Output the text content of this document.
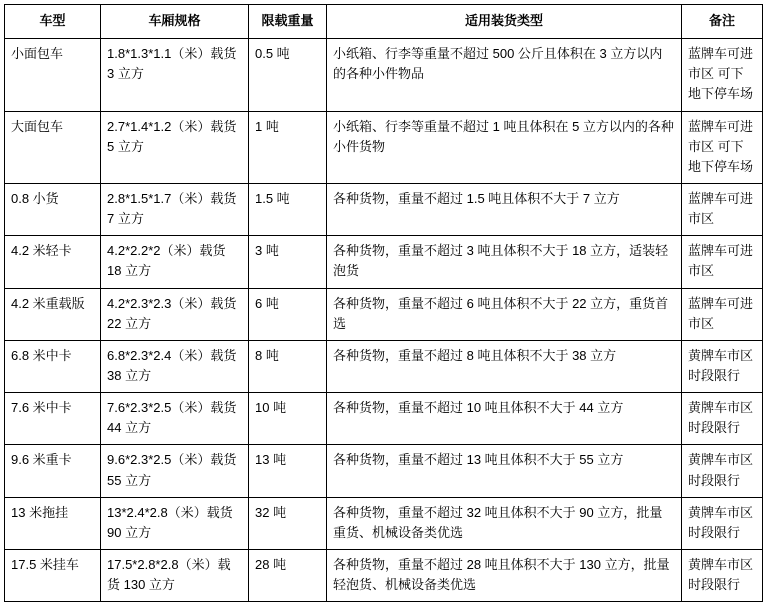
车型	车厢规格	限载重量	适用装货类型	备注
小面包车	1.8*1.3*1.1（米）载货 3 立方	0.5 吨	小纸箱、行李等重量不超过 500 公斤且体积在 3 立方以内的各种小件物品	蓝牌车可进市区 可下地下停车场
大面包车	2.7*1.4*1.2（米）载货 5 立方	1 吨	小纸箱、行李等重量不超过 1 吨且体积在 5 立方以内的各种小件货物	蓝牌车可进市区 可下地下停车场
0.8 小货	2.8*1.5*1.7（米）载货 7 立方	1.5 吨	各种货物，重量不超过 1.5 吨且体积不大于 7 立方	蓝牌车可进市区
4.2 米轻卡	4.2*2.2*2（米）载货 18 立方	3 吨	各种货物，重量不超过 3 吨且体积不大于 18 立方，适装轻泡货	蓝牌车可进市区
4.2 米重载版	4.2*2.3*2.3（米）载货 22 立方	6 吨	各种货物，重量不超过 6 吨且体积不大于 22 立方，重货首选	蓝牌车可进市区
6.8 米中卡	6.8*2.3*2.4（米）载货 38 立方	8 吨	各种货物，重量不超过 8 吨且体积不大于 38 立方	黄牌车市区时段限行
7.6 米中卡	7.6*2.3*2.5（米）载货 44 立方	10 吨	各种货物，重量不超过 10 吨且体积不大于 44 立方	黄牌车市区时段限行
9.6 米重卡	9.6*2.3*2.5（米）载货 55 立方	13 吨	各种货物，重量不超过 13 吨且体积不大于 55 立方	黄牌车市区时段限行
13 米拖挂	13*2.4*2.8（米）载货 90 立方	32 吨	各种货物，重量不超过 32 吨且体积不大于 90 立方，批量重货、机械设备类优选	黄牌车市区时段限行
17.5 米挂车	17.5*2.8*2.8（米）载货 130 立方	28 吨	各种货物，重量不超过 28 吨且体积不大于 130 立方，批量轻泡货、机械设备类优选	黄牌车市区时段限行
